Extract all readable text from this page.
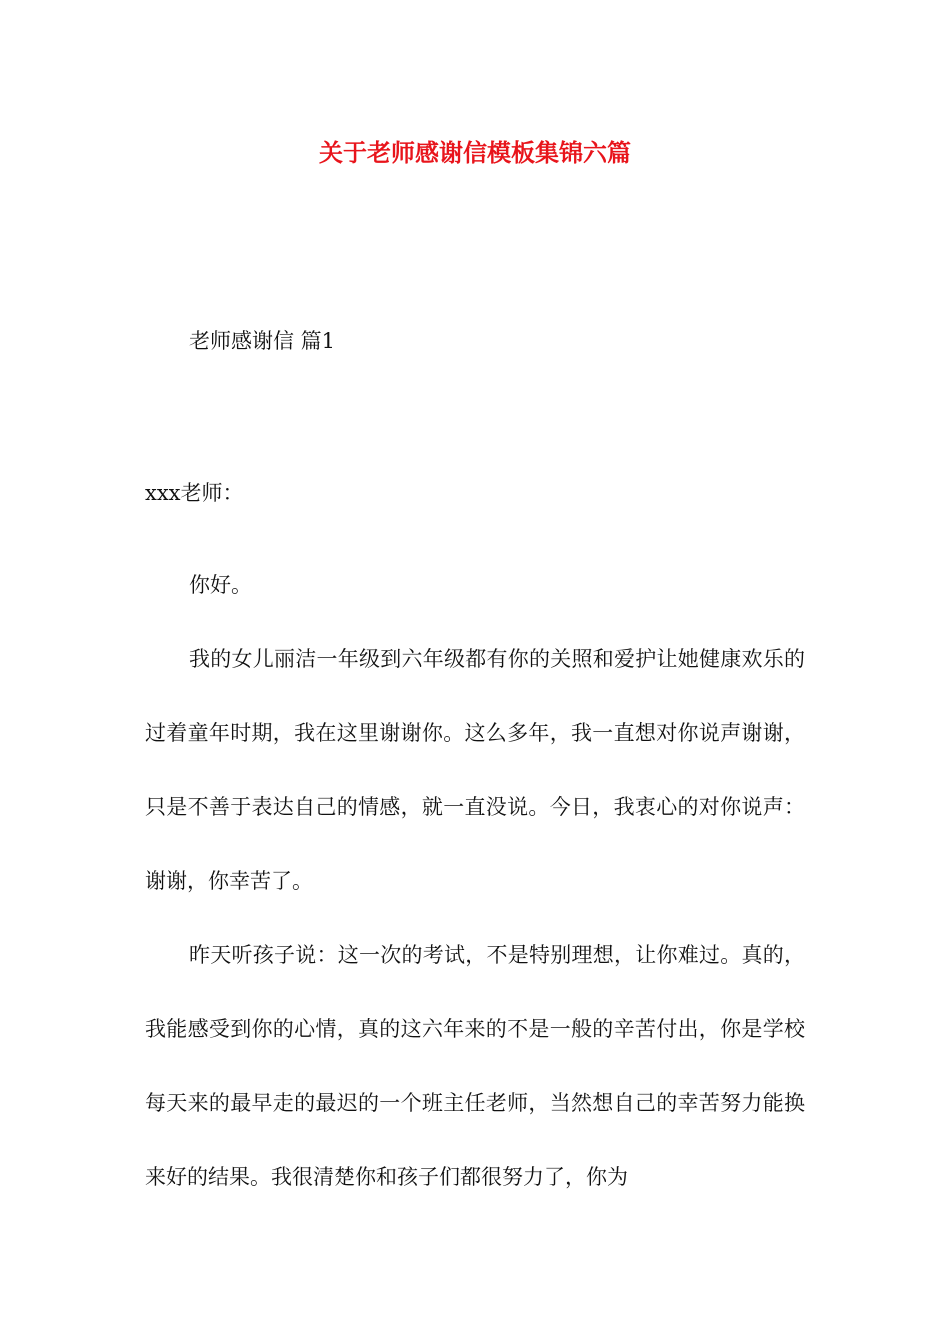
关于老师感谢信模板集锦六篇
老师感谢信 篇1

xxx老师：

你好。

我的女儿丽洁一年级到六年级都有你的关照和爱护让她健康欢乐的过着童年时期，我在这里谢谢你。这么多年，我一直想对你说声谢谢，只是不善于表达自己的情感，就一直没说。今日，我衷心的对你说声：谢谢，你幸苦了。

昨天听孩子说：这一次的考试，不是特别理想，让你难过。真的，我能感受到你的心情，真的这六年来的不是一般的辛苦付出，你是学校每天来的最早走的最迟的一个班主任老师，当然想自己的幸苦努力能换来好的结果。我很清楚你和孩子们都很努力了，你为
